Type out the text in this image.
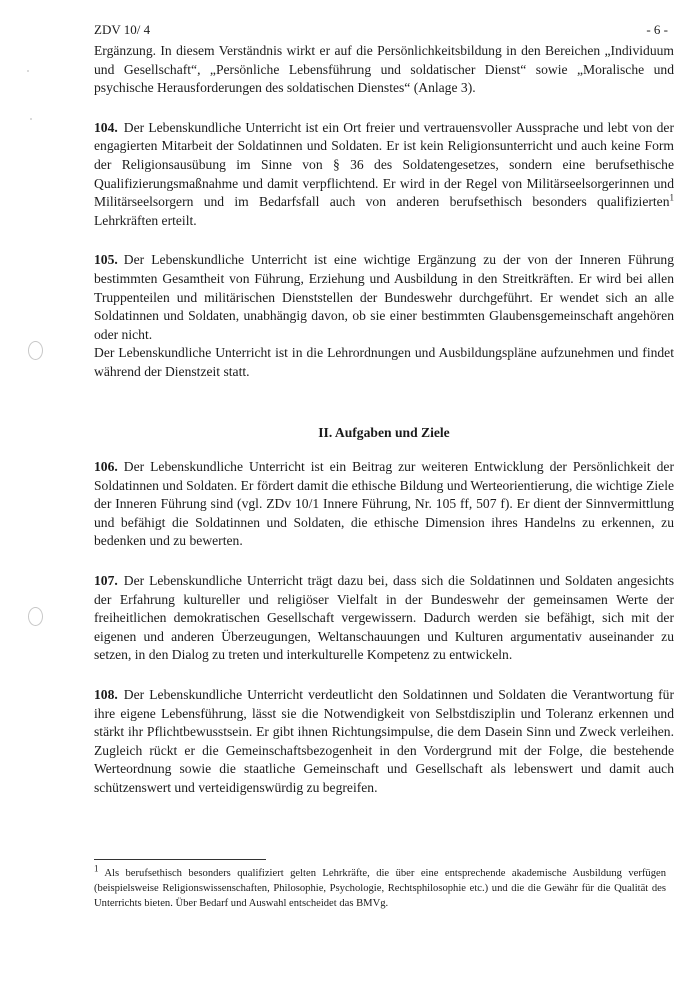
ZDV 10/ 4	- 6 -

Ergänzung. In diesem Verständnis wirkt er auf die Persönlichkeitsbildung in den Bereichen „Individuum und Gesellschaft“, „Persönliche Lebensführung und soldatischer Dienst“ sowie „Moralische und psychische Herausforderungen des soldatischen Dienstes“ (Anlage 3).

104. Der Lebenskundliche Unterricht ist ein Ort freier und vertrauensvoller Aussprache und lebt von der engagierten Mitarbeit der Soldatinnen und Soldaten. Er ist kein Religionsunterricht und auch keine Form der Religionsausübung im Sinne von § 36 des Soldatengesetzes, sondern eine berufsethische Qualifizierungsmaßnahme und damit verpflichtend. Er wird in der Regel von Militärseelsorgerinnen und Militärseelsorgern und im Bedarfsfall auch von anderen berufsethisch besonders qualifizierten$^1$ Lehrkräften erteilt.

105. Der Lebenskundliche Unterricht ist eine wichtige Ergänzung zu der von der Inneren Führung bestimmten Gesamtheit von Führung, Erziehung und Ausbildung in den Streitkräften. Er wird bei allen Truppenteilen und militärischen Dienststellen der Bundeswehr durchgeführt. Er wendet sich an alle Soldatinnen und Soldaten, unabhängig davon, ob sie einer bestimmten Glaubensgemeinschaft angehören oder nicht.

Der Lebenskundliche Unterricht ist in die Lehrordnungen und Ausbildungspläne aufzunehmen und findet während der Dienstzeit statt.

II. Aufgaben und Ziele

106. Der Lebenskundliche Unterricht ist ein Beitrag zur weiteren Entwicklung der Persönlichkeit der Soldatinnen und Soldaten. Er fördert damit die ethische Bildung und Werteorientierung, die wichtige Ziele der Inneren Führung sind (vgl. ZDv 10/1 Innere Führung, Nr. 105 ff, 507 f). Er dient der Sinnvermittlung und befähigt die Soldatinnen und Soldaten, die ethische Dimension ihres Handelns zu erkennen, zu bedenken und zu bewerten.

107. Der Lebenskundliche Unterricht trägt dazu bei, dass sich die Soldatinnen und Soldaten angesichts der Erfahrung kultureller und religiöser Vielfalt in der Bundeswehr der gemeinsamen Werte der freiheitlichen demokratischen Gesellschaft vergewissern. Dadurch werden sie befähigt, sich mit der eigenen und anderen Überzeugungen, Weltanschauungen und Kulturen argumentativ auseinander zu setzen, in den Dialog zu treten und interkulturelle Kompetenz zu entwickeln.

108. Der Lebenskundliche Unterricht verdeutlicht den Soldatinnen und Soldaten die Verantwortung für ihre eigene Lebensführung, lässt sie die Notwendigkeit von Selbstdisziplin und Toleranz erkennen und stärkt ihr Pflichtbewusstsein. Er gibt ihnen Richtungsimpulse, die dem Dasein Sinn und Zweck verleihen. Zugleich rückt er die Gemeinschaftsbezogenheit in den Vordergrund mit der Folge, die bestehende Werteordnung sowie die staatliche Gemeinschaft und Gesellschaft als lebenswert und damit auch schützenswert und verteidigenswürdig zu begreifen.

$^1$ Als berufsethisch besonders qualifiziert gelten Lehrkräfte, die über eine entsprechende akademische Ausbildung verfügen (beispielsweise Religionswissenschaften, Philosophie, Psychologie, Rechtsphilosophie etc.) und die die Gewähr für die Qualität des Unterrichts bieten. Über Bedarf und Auswahl entscheidet das BMVg.
